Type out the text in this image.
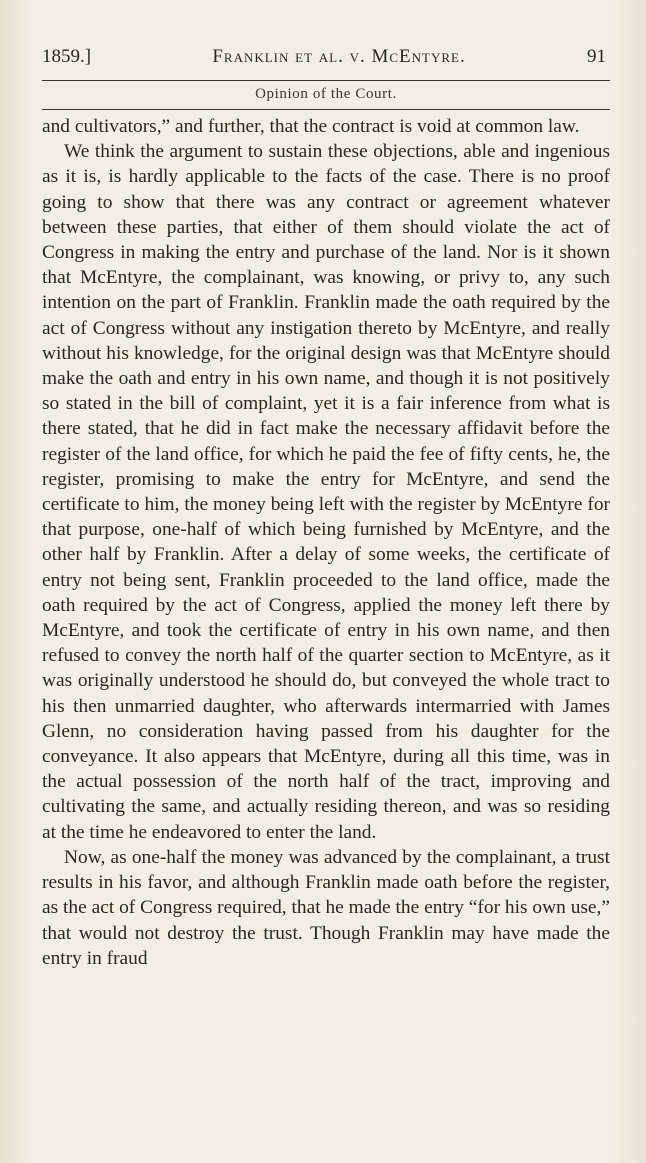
1859.]	Franklin et al. v. McEntyre.	91
Opinion of the Court.

and cultivators,” and further, that the contract is void at common law.

We think the argument to sustain these objections, able and ingenious as it is, is hardly applicable to the facts of the case. There is no proof going to show that there was any contract or agreement whatever between these parties, that either of them should violate the act of Congress in making the entry and purchase of the land. Nor is it shown that McEntyre, the complainant, was knowing, or privy to, any such intention on the part of Franklin. Franklin made the oath required by the act of Congress without any instigation thereto by McEntyre, and really without his knowledge, for the original design was that McEntyre should make the oath and entry in his own name, and though it is not positively so stated in the bill of complaint, yet it is a fair inference from what is there stated, that he did in fact make the necessary affidavit before the register of the land office, for which he paid the fee of fifty cents, he, the register, promising to make the entry for McEntyre, and send the certificate to him, the money being left with the register by McEntyre for that purpose, one-half of which being furnished by McEntyre, and the other half by Franklin. After a delay of some weeks, the certificate of entry not being sent, Franklin proceeded to the land office, made the oath required by the act of Congress, applied the money left there by McEntyre, and took the certificate of entry in his own name, and then refused to convey the north half of the quarter section to McEntyre, as it was originally understood he should do, but conveyed the whole tract to his then unmarried daughter, who afterwards intermarried with James Glenn, no consideration having passed from his daughter for the conveyance. It also appears that McEntyre, during all this time, was in the actual possession of the north half of the tract, improving and cultivating the same, and actually residing thereon, and was so residing at the time he endeavored to enter the land.

Now, as one-half the money was advanced by the complainant, a trust results in his favor, and although Franklin made oath before the register, as the act of Congress required, that he made the entry “for his own use,” that would not destroy the trust. Though Franklin may have made the entry in fraud
